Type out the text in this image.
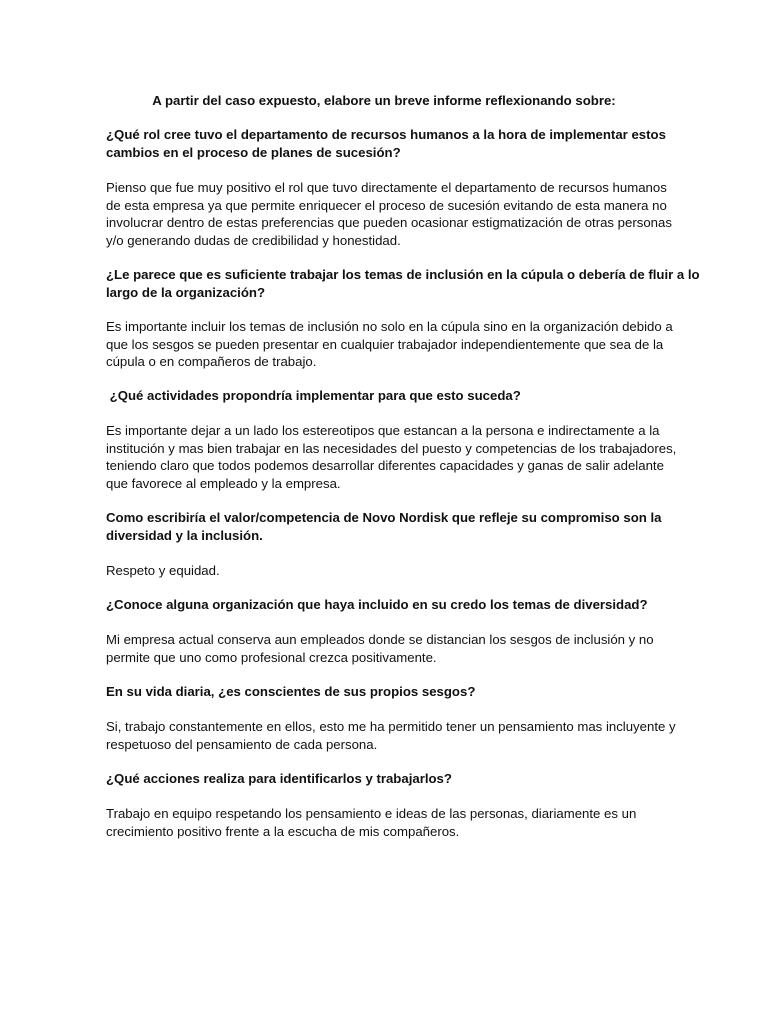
A partir del caso expuesto, elabore un breve informe reflexionando sobre:
¿Qué rol cree tuvo el departamento de recursos humanos a la hora de implementar estos
cambios en el proceso de planes de sucesión?
Pienso que fue muy positivo el rol que tuvo directamente el departamento de recursos humanos
de esta empresa ya que permite enriquecer el proceso de sucesión evitando de esta manera no
involucrar dentro de estas preferencias que pueden ocasionar estigmatización de otras personas
y/o generando dudas de credibilidad y honestidad.
¿Le parece que es suficiente trabajar los temas de inclusión en la cúpula o debería de fluir a lo
largo de la organización?
Es importante incluir los temas de inclusión no solo en la cúpula sino en la organización debido a
que los sesgos se pueden presentar en cualquier trabajador independientemente que sea de la
cúpula o en compañeros de trabajo.
¿Qué actividades propondría implementar para que esto suceda?
Es importante dejar a un lado los estereotipos que estancan a la persona e indirectamente a la
institución y mas bien trabajar en las necesidades del puesto y competencias de los trabajadores,
teniendo claro que todos podemos desarrollar diferentes capacidades y ganas de salir adelante
que favorece al empleado y la empresa.
Como escribiría el valor/competencia de Novo Nordisk que refleje su compromiso son la
diversidad y la inclusión.
Respeto y equidad.
¿Conoce alguna organización que haya incluido en su credo los temas de diversidad?
Mi empresa actual conserva aun empleados donde se distancian los sesgos de inclusión y no
permite que uno como profesional crezca positivamente.
En su vida diaria, ¿es conscientes de sus propios sesgos?
Si, trabajo constantemente en ellos, esto me ha permitido tener un pensamiento mas incluyente y
respetuoso del pensamiento de cada persona.
¿Qué acciones realiza para identificarlos y trabajarlos?
Trabajo en equipo respetando los pensamiento e ideas de las personas, diariamente es un
crecimiento positivo frente a la escucha de mis compañeros.
